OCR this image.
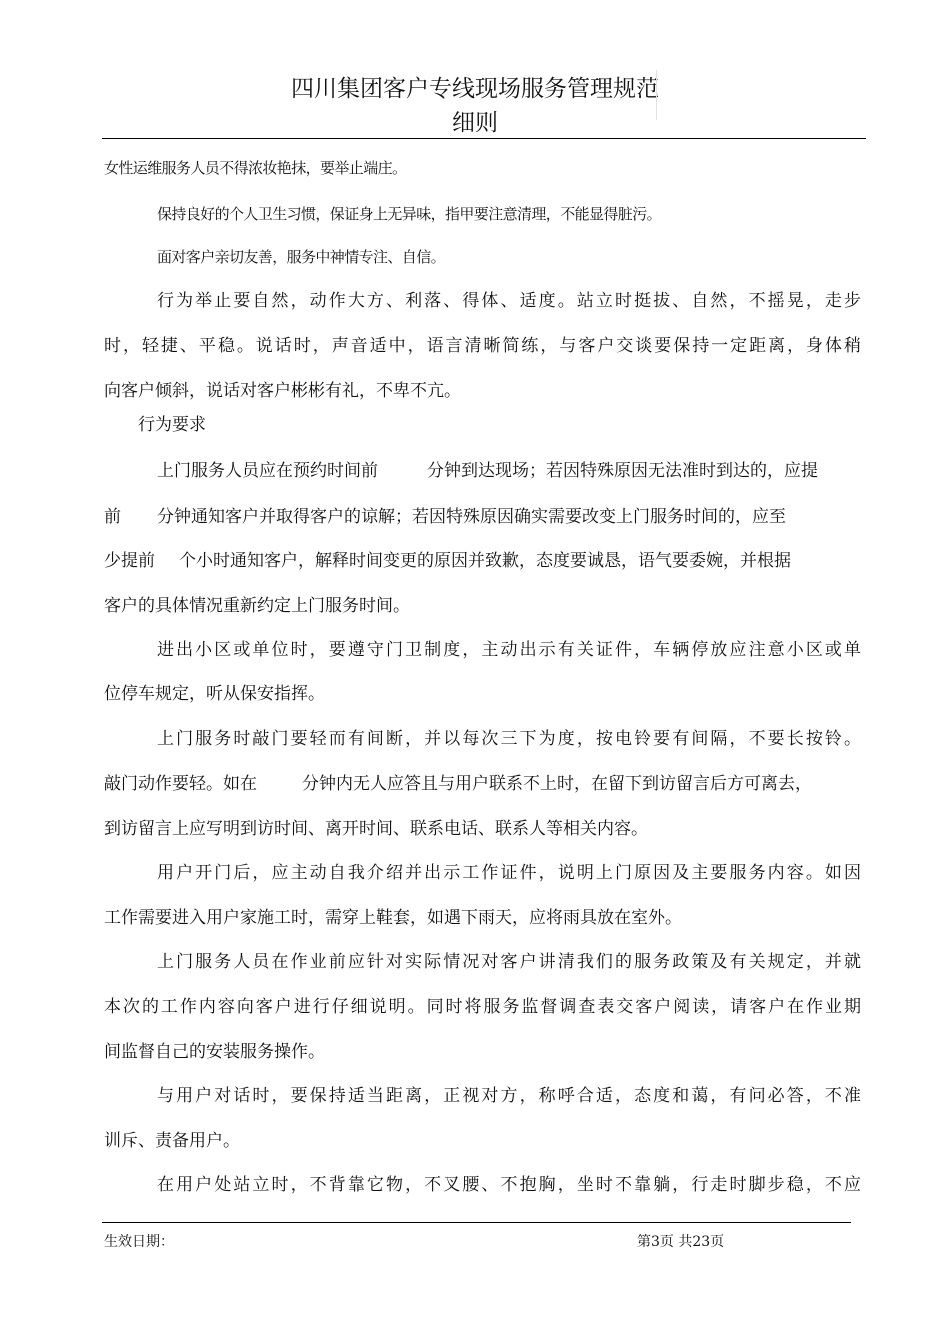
四川集团客户专线现场服务管理规范
细则
女性运维服务人员不得浓妆艳抹，要举止端庄。
保持良好的个人卫生习惯，保证身上无异味，指甲要注意清理，不能显得脏污。
面对客户亲切友善，服务中神情专注、自信。
行为举止要自然，动作大方、利落、得体、适度。站立时挺拔、自然，不摇晃，走步
时，轻捷、平稳。说话时，声音适中，语言清晰简练，与客户交谈要保持一定距离，身体稍
向客户倾斜，说话对客户彬彬有礼，不卑不亢。
行为要求
上门服务人员应在预约时间前	分钟到达现场；若因特殊原因无法准时到达的，应提
前 分钟通知客户并取得客户的谅解；若因特殊原因确实需要改变上门服务时间的，应至
少提前 个小时通知客户，解释时间变更的原因并致歉，态度要诚恳，语气要委婉，并根据
客户的具体情况重新约定上门服务时间。
进出小区或单位时，要遵守门卫制度，主动出示有关证件，车辆停放应注意小区或单
位停车规定，听从保安指挥。
上门服务时敲门要轻而有间断，并以每次三下为度，按电铃要有间隔，不要长按铃。
敲门动作要轻。如在	分钟内无人应答且与用户联系不上时，在留下到访留言后方可离去，
到访留言上应写明到访时间、离开时间、联系电话、联系人等相关内容。
用户开门后，应主动自我介绍并出示工作证件，说明上门原因及主要服务内容。如因
工作需要进入用户家施工时，需穿上鞋套，如遇下雨天，应将雨具放在室外。
上门服务人员在作业前应针对实际情况对客户讲清我们的服务政策及有关规定，并就
本次的工作内容向客户进行仔细说明。同时将服务监督调查表交客户阅读，请客户在作业期
间监督自己的安装服务操作。
与用户对话时，要保持适当距离，正视对方，称呼合适，态度和蔼，有问必答，不准
训斥、责备用户。
在用户处站立时，不背靠它物，不叉腰、不抱胸，坐时不靠躺，行走时脚步稳，不应
生效日期：	第3页 共23页
